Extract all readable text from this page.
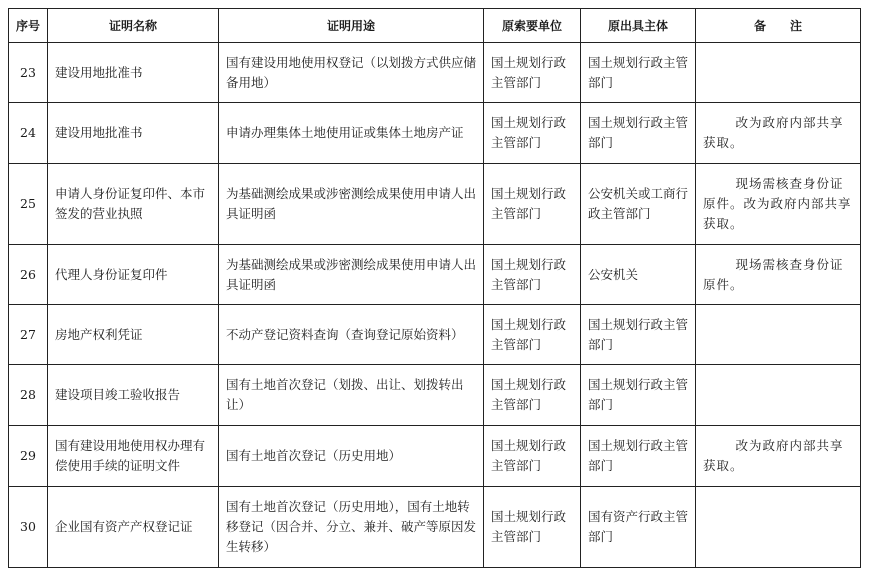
序号	证明名称	证明用途	原索要单位	原出具主体	备　　注
23	建设用地批准书	国有建设用地使用权登记（以划拨方式供应储备用地）	国土规划行政主管部门	国土规划行政主管部门	
24	建设用地批准书	申请办理集体土地使用证或集体土地房产证	国土规划行政主管部门	国土规划行政主管部门	改为政府内部共享获取。
25	申请人身份证复印件、本市签发的营业执照	为基础测绘成果或涉密测绘成果使用申请人出具证明函	国土规划行政主管部门	公安机关或工商行政主管部门	现场需核查身份证原件。改为政府内部共享获取。
26	代理人身份证复印件	为基础测绘成果或涉密测绘成果使用申请人出具证明函	国土规划行政主管部门	公安机关	现场需核查身份证原件。
27	房地产权利凭证	不动产登记资料查询（查询登记原始资料）	国土规划行政主管部门	国土规划行政主管部门	
28	建设项目竣工验收报告	国有土地首次登记（划拨、出让、划拨转出让）	国土规划行政主管部门	国土规划行政主管部门	
29	国有建设用地使用权办理有偿使用手续的证明文件	国有土地首次登记（历史用地）	国土规划行政主管部门	国土规划行政主管部门	改为政府内部共享获取。
30	企业国有资产产权登记证	国有土地首次登记（历史用地），国有土地转移登记（因合并、分立、兼并、破产等原因发生转移）	国土规划行政主管部门	国有资产行政主管部门	
